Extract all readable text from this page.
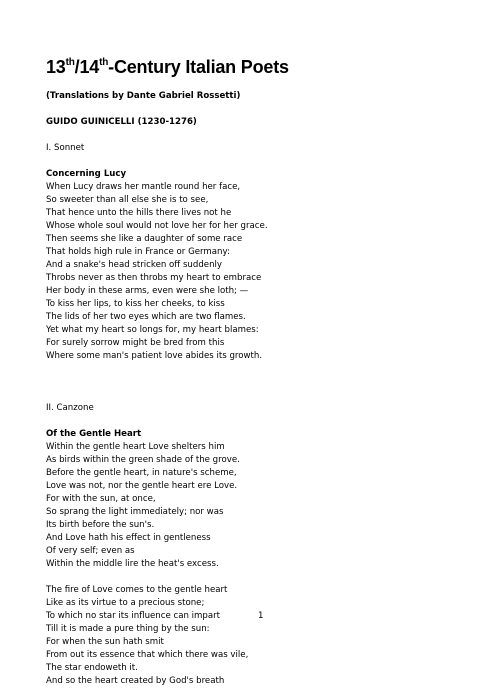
13th/14th-Century Italian Poets
(Translations by Dante Gabriel Rossetti)
GUIDO GUINICELLI (1230-1276)
I. Sonnet
Concerning Lucy
When Lucy draws her mantle round her face,
So sweeter than all else she is to see,
That hence unto the hills there lives not he
Whose whole soul would not love her for her grace.
Then seems she like a daughter of some race
That holds high rule in France or Germany:
And a snake's head stricken off suddenly
Throbs never as then throbs my heart to embrace
Her body in these arms, even were she loth; —
To kiss her lips, to kiss her cheeks, to kiss
The lids of her two eyes which are two flames.
Yet what my heart so longs for, my heart blames:
For surely sorrow might be bred from this
Where some man's patient love abides its growth.
II. Canzone
Of the Gentle Heart
Within the gentle heart Love shelters him
As birds within the green shade of the grove.
Before the gentle heart, in nature's scheme,
Love was not, nor the gentle heart ere Love.
For with the sun, at once,
So sprang the light immediately; nor was
Its birth before the sun's.
And Love hath his effect in gentleness
Of very self; even as
Within the middle lire the heat's excess.
The fire of Love comes to the gentle heart
Like as its virtue to a precious stone;
To which no star its influence can impart
Till it is made a pure thing by the sun:
For when the sun hath smit
From out its essence that which there was vile,
The star endoweth it.
And so the heart created by God's breath
1
